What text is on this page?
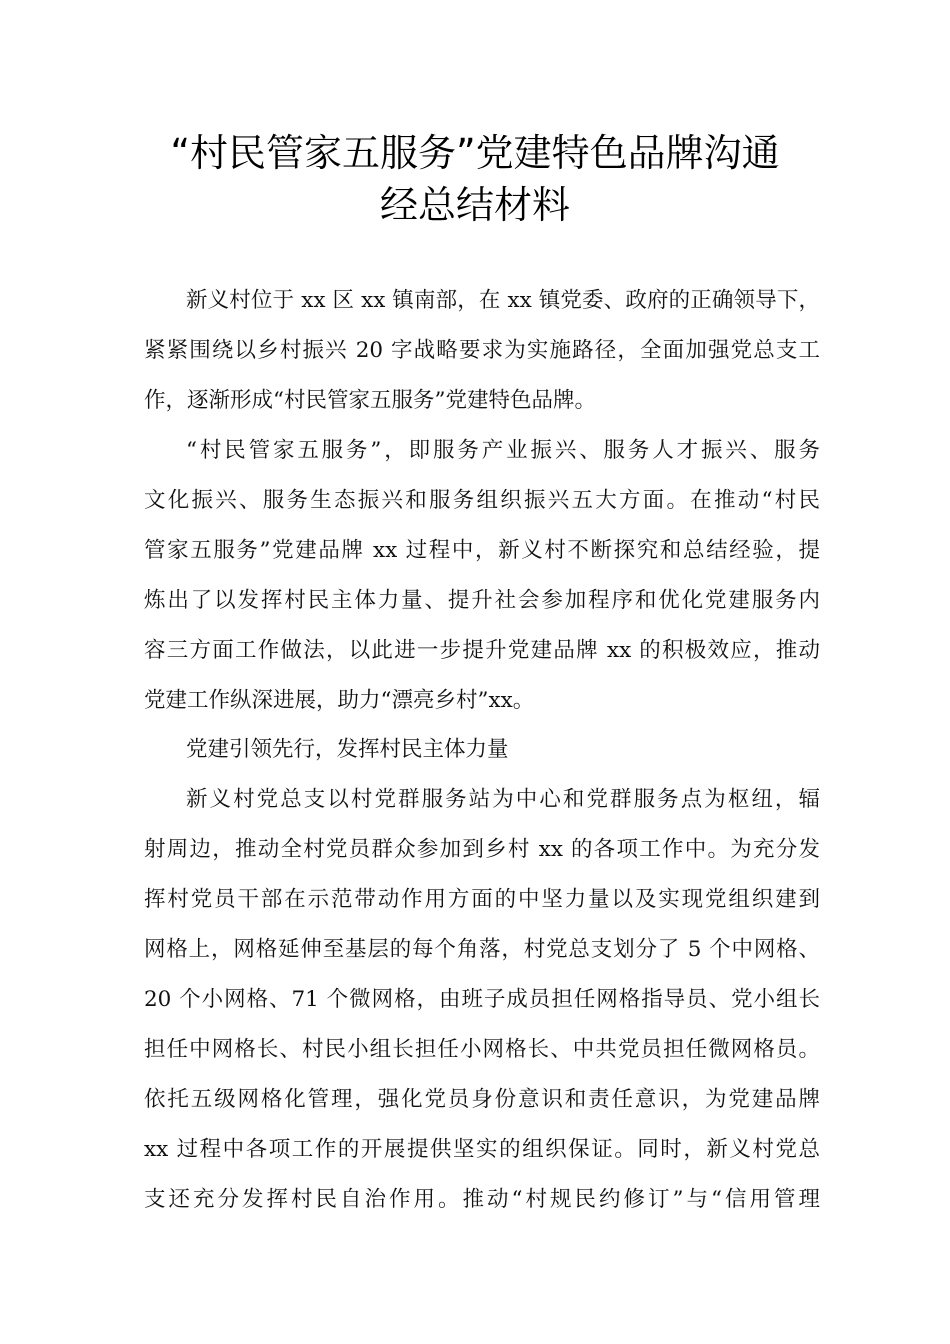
“村民管家五服务”党建特色品牌沟通
经总结材料
新义村位于 xx 区 xx 镇南部，在 xx 镇党委、政府的正确领导下，
紧紧围绕以乡村振兴 20 字战略要求为实施路径，全面加强党总支工
作，逐渐形成“村民管家五服务”党建特色品牌。
“村民管家五服务”，即服务产业振兴、服务人才振兴、服务
文化振兴、服务生态振兴和服务组织振兴五大方面。在推动“村民
管家五服务”党建品牌 xx 过程中，新义村不断探究和总结经验，提
炼出了以发挥村民主体力量、提升社会参加程序和优化党建服务内
容三方面工作做法，以此进一步提升党建品牌 xx 的积极效应，推动
党建工作纵深进展，助力“漂亮乡村”xx。
党建引领先行，发挥村民主体力量
新义村党总支以村党群服务站为中心和党群服务点为枢纽，辐
射周边，推动全村党员群众参加到乡村 xx 的各项工作中。为充分发
挥村党员干部在示范带动作用方面的中坚力量以及实现党组织建到
网格上，网格延伸至基层的每个角落，村党总支划分了 5 个中网格、
20 个小网格、71 个微网格，由班子成员担任网格指导员、党小组长
担任中网格长、村民小组长担任小网格长、中共党员担任微网格员。
依托五级网格化管理，强化党员身份意识和责任意识，为党建品牌
xx 过程中各项工作的开展提供坚实的组织保证。同时，新义村党总
支还充分发挥村民自治作用。推动“村规民约修订”与“信用管理
